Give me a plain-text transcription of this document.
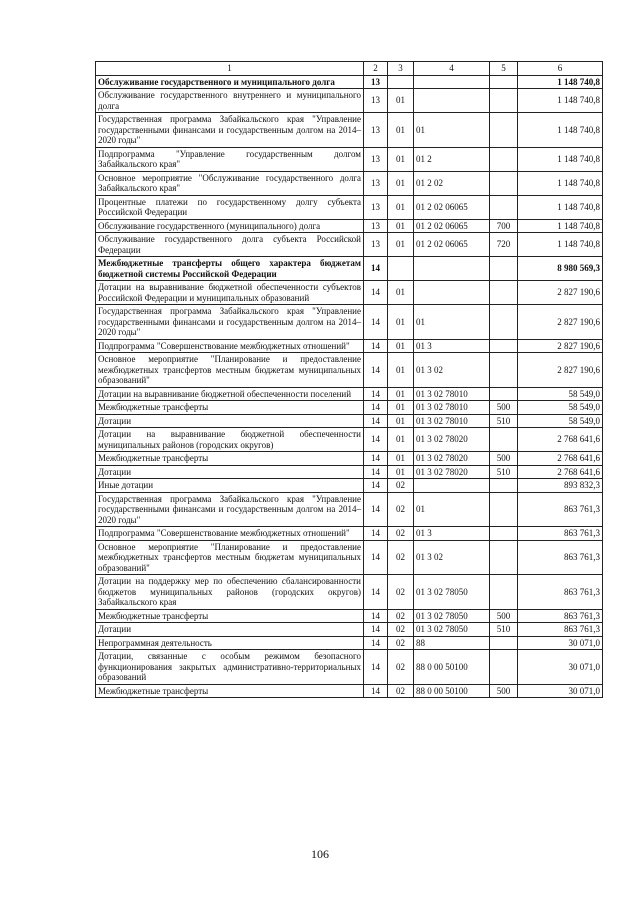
1	2	3	4	5	6
Обслуживание государственного и муниципального долга	13				1 148 740,8
Обслуживание государственного внутреннего и муниципального долга	13	01			1 148 740,8
Государственная программа Забайкальского края "Управление государственными финансами и государственным долгом на 2014–2020 годы"	13	01	01		1 148 740,8
Подпрограмма "Управление государственным долгом Забайкальского края"	13	01	01 2		1 148 740,8
Основное мероприятие "Обслуживание государственного долга Забайкальского края"	13	01	01 2 02		1 148 740,8
Процентные платежи по государственному долгу субъекта Российской Федерации	13	01	01 2 02 06065		1 148 740,8
Обслуживание государственного (муниципального) долга	13	01	01 2 02 06065	700	1 148 740,8
Обслуживание государственного долга субъекта Российской Федерации	13	01	01 2 02 06065	720	1 148 740,8
Межбюджетные трансферты общего характера бюджетам бюджетной системы Российской Федерации	14				8 980 569,3
Дотации на выравнивание бюджетной обеспеченности субъектов Российской Федерации и муниципальных образований	14	01			2 827 190,6
Государственная программа Забайкальского края "Управление государственными финансами и государственным долгом на 2014–2020 годы"	14	01	01		2 827 190,6
Подпрограмма "Совершенствование межбюджетных отношений"	14	01	01 3		2 827 190,6
Основное мероприятие "Планирование и предоставление межбюджетных трансфертов местным бюджетам муниципальных образований"	14	01	01 3 02		2 827 190,6
Дотации на выравнивание бюджетной обеспеченности поселений	14	01	01 3 02 78010		58 549,0
Межбюджетные трансферты	14	01	01 3 02 78010	500	58 549,0
Дотации	14	01	01 3 02 78010	510	58 549,0
Дотации на выравнивание бюджетной обеспеченности муниципальных районов (городских округов)	14	01	01 3 02 78020		2 768 641,6
Межбюджетные трансферты	14	01	01 3 02 78020	500	2 768 641,6
Дотации	14	01	01 3 02 78020	510	2 768 641,6
Иные дотации	14	02			893 832,3
Государственная программа Забайкальского края "Управление государственными финансами и государственным долгом на 2014–2020 годы"	14	02	01		863 761,3
Подпрограмма "Совершенствование межбюджетных отношений"	14	02	01 3		863 761,3
Основное мероприятие "Планирование и предоставление межбюджетных трансфертов местным бюджетам муниципальных образований"	14	02	01 3 02		863 761,3
Дотации на поддержку мер по обеспечению сбалансированности бюджетов муниципальных районов (городских округов) Забайкальского края	14	02	01 3 02 78050		863 761,3
Межбюджетные трансферты	14	02	01 3 02 78050	500	863 761,3
Дотации	14	02	01 3 02 78050	510	863 761,3
Непрограммная деятельность	14	02	88		30 071,0
Дотации, связанные с особым режимом безопасного функционирования закрытых административно-территориальных образований	14	02	88 0 00 50100		30 071,0
Межбюджетные трансферты	14	02	88 0 00 50100	500	30 071,0
106
